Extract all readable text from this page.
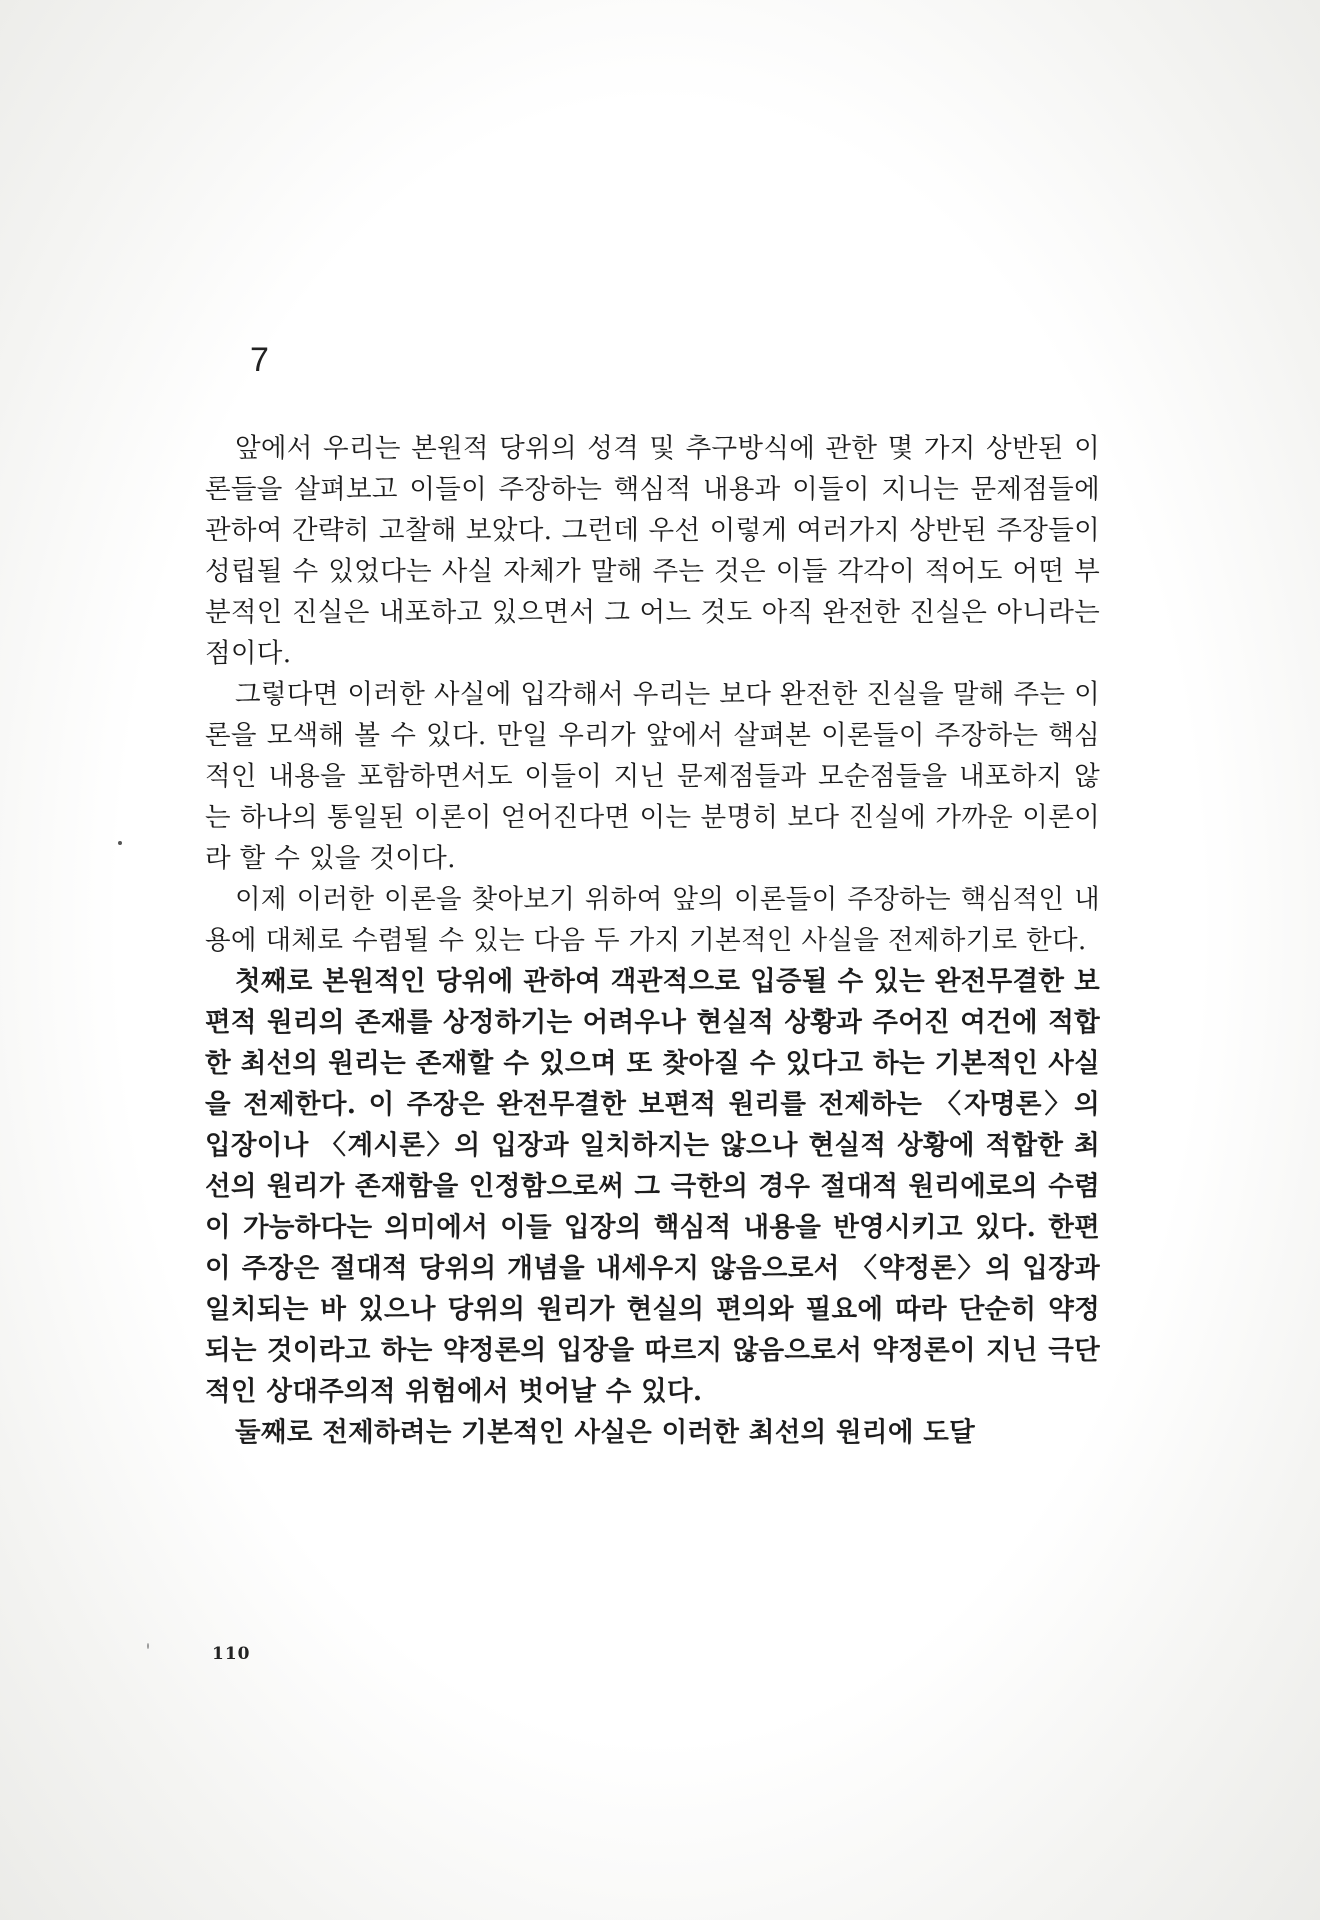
7

앞에서 우리는 본원적 당위의 성격 및 추구방식에 관한 몇 가지 상반된 이론들을 살펴보고 이들이 주장하는 핵심적 내용과 이들이 지니는 문제점들에 관하여 간략히 고찰해 보았다. 그런데 우선 이렇게 여러가지 상반된 주장들이 성립될 수 있었다는 사실 자체가 말해 주는 것은 이들 각각이 적어도 어떤 부분적인 진실은 내포하고 있으면서 그 어느 것도 아직 완전한 진실은 아니라는 점이다.

그렇다면 이러한 사실에 입각해서 우리는 보다 완전한 진실을 말해 주는 이론을 모색해 볼 수 있다. 만일 우리가 앞에서 살펴본 이론들이 주장하는 핵심적인 내용을 포함하면서도 이들이 지닌 문제점들과 모순점들을 내포하지 않는 하나의 통일된 이론이 얻어진다면 이는 분명히 보다 진실에 가까운 이론이라 할 수 있을 것이다.

이제 이러한 이론을 찾아보기 위하여 앞의 이론들이 주장하는 핵심적인 내용에 대체로 수렴될 수 있는 다음 두 가지 기본적인 사실을 전제하기로 한다.

첫째로 본원적인 당위에 관하여 객관적으로 입증될 수 있는 완전무결한 보편적 원리의 존재를 상정하기는 어려우나 현실적 상황과 주어진 여건에 적합한 최선의 원리는 존재할 수 있으며 또 찾아질 수 있다고 하는 기본적인 사실을 전제한다. 이 주장은 완전무결한 보편적 원리를 전제하는 〈자명론〉의 입장이나 〈계시론〉의 입장과 일치하지는 않으나 현실적 상황에 적합한 최선의 원리가 존재함을 인정함으로써 그 극한의 경우 절대적 원리에로의 수렴이 가능하다는 의미에서 이들 입장의 핵심적 내용을 반영시키고 있다. 한편 이 주장은 절대적 당위의 개념을 내세우지 않음으로서 〈약정론〉의 입장과 일치되는 바 있으나 당위의 원리가 현실의 편의와 필요에 따라 단순히 약정되는 것이라고 하는 약정론의 입장을 따르지 않음으로서 약정론이 지닌 극단적인 상대주의적 위험에서 벗어날 수 있다.

둘째로 전제하려는 기본적인 사실은 이러한 최선의 원리에 도달

110
